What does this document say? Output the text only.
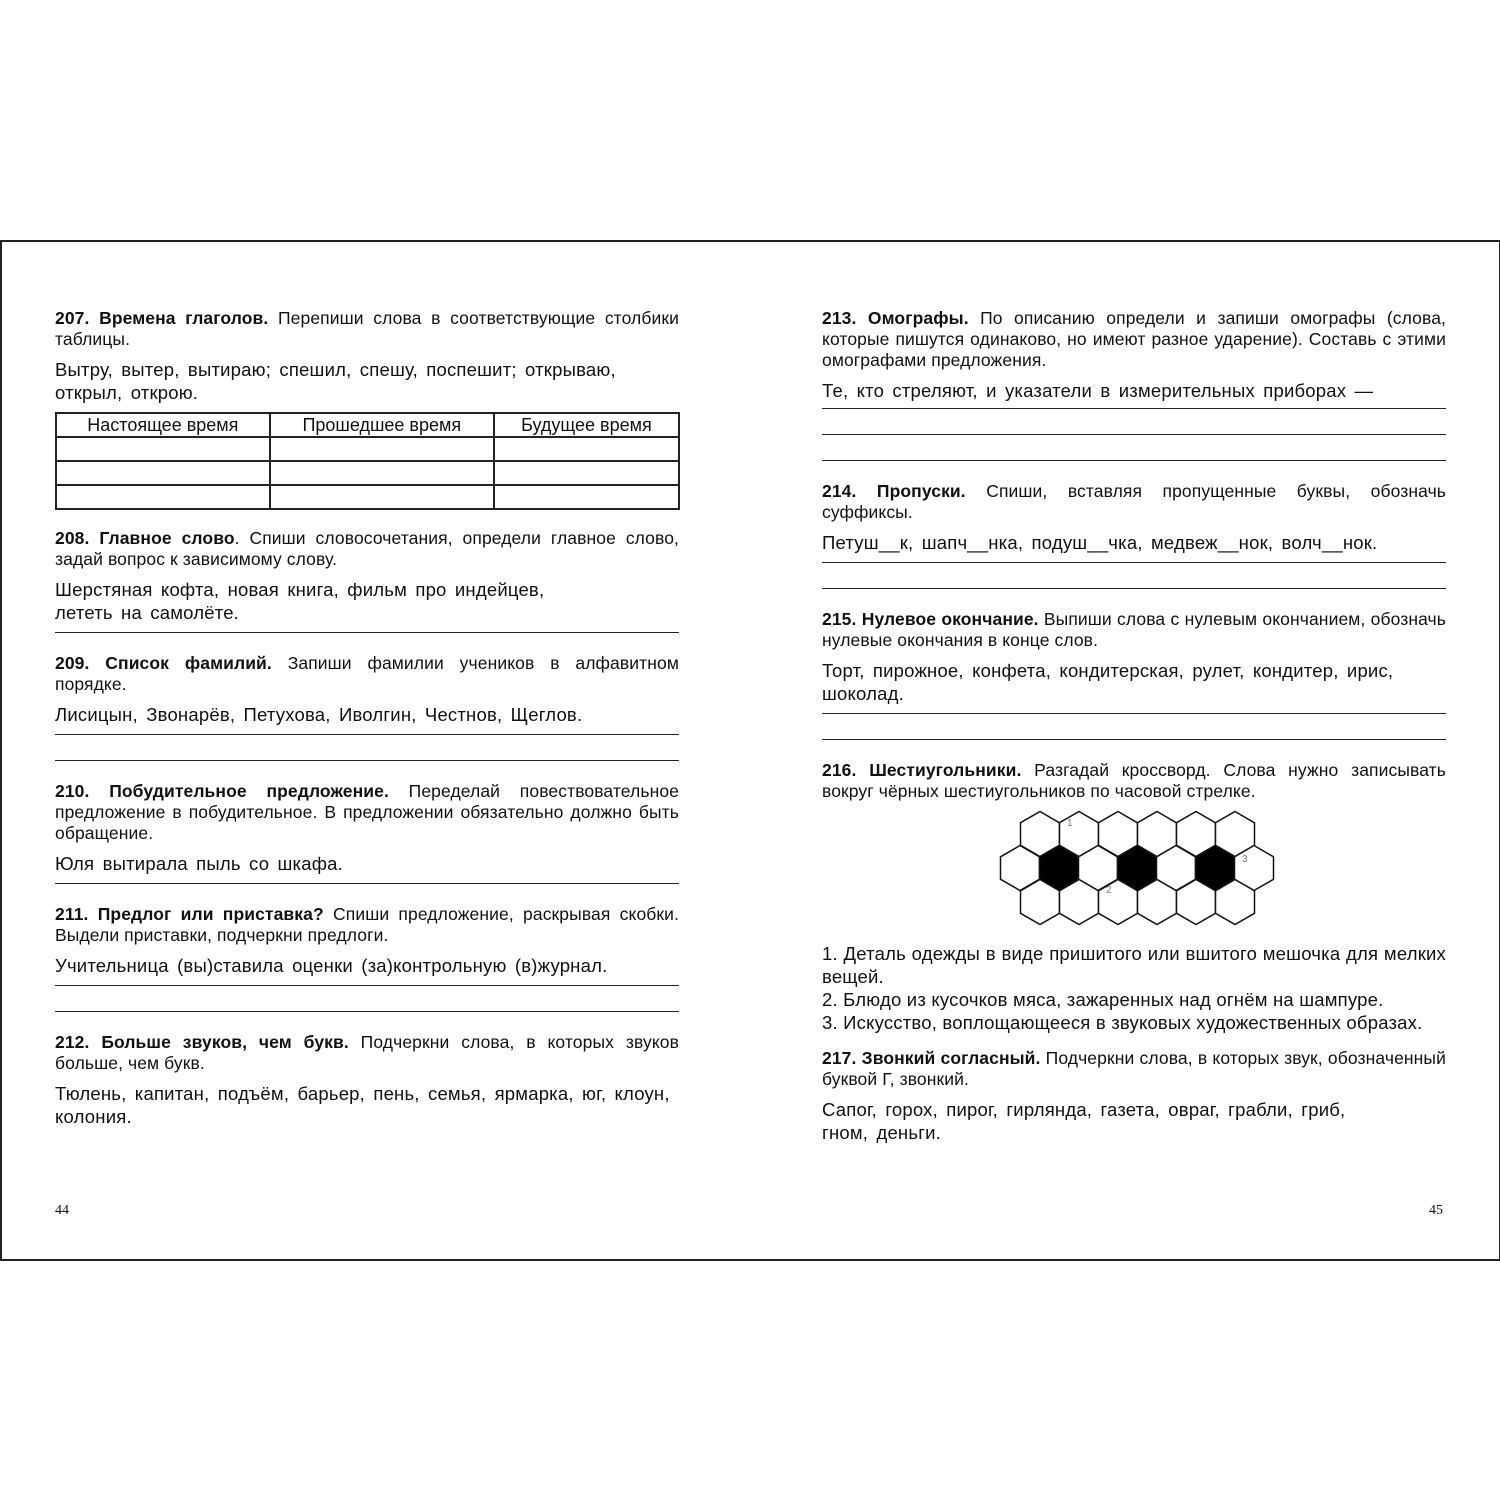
207. Времена глаголов. Перепиши слова в соответствующие столбики таблицы.
Вытру, вытер, вытираю; спешил, спешу, поспешит; открываю, открыл, открою.
Настоящее время	Прошедшее время	Будущее время

208. Главное слово. Спиши словосочетания, определи главное слово, задай вопрос к зависимому слову.
Шерстяная кофта, новая книга, фильм про индейцев,
лететь на самолёте.
209. Список фамилий. Запиши фамилии учеников в алфавитном порядке.
Лисицын, Звонарёв, Петухова, Иволгин, Честнов, Щеглов.
210. Побудительное предложение. Переделай повествовательное предложение в побудительное. В предложении обязательно должно быть обращение.
Юля вытирала пыль со шкафа.
211. Предлог или приставка? Спиши предложение, раскрывая скобки. Выдели приставки, подчеркни предлоги.
Учительница (вы)ставила оценки (за)контрольную (в)журнал.
212. Больше звуков, чем букв. Подчеркни слова, в которых звуков больше, чем букв.
Тюлень, капитан, подъём, барьер, пень, семья, ярмарка, юг, клоун, колония.
44
213. Омографы. По описанию определи и запиши омографы (слова, которые пишутся одинаково, но имеют разное ударение). Составь с этими омографами предложения.
Те, кто стреляют, и указатели в измерительных приборах —
214. Пропуски. Спиши, вставляя пропущенные буквы, обозначь суффиксы.
Петуш__к, шапч__нка, подуш__чка, медвеж__нок, волч__нок.
215. Нулевое окончание. Выпиши слова с нулевым окончанием, обозначь нулевые окончания в конце слов.
Торт, пирожное, конфета, кондитерская, рулет, кондитер, ирис,
шоколад.
216. Шестиугольники. Разгадай кроссворд. Слова нужно записывать вокруг чёрных шестиугольников по часовой стрелке.
1
2
3
1. Деталь одежды в виде пришитого или вшитого мешочка для мелких вещей.
2. Блюдо из кусочков мяса, зажаренных над огнём на шампуре.
3. Искусство, воплощающееся в звуковых художественных образах.
217. Звонкий согласный. Подчеркни слова, в которых звук, обозначенный буквой Г, звонкий.
Сапог, горох, пирог, гирлянда, газета, овраг, грабли, гриб,
гном, деньги.
45
